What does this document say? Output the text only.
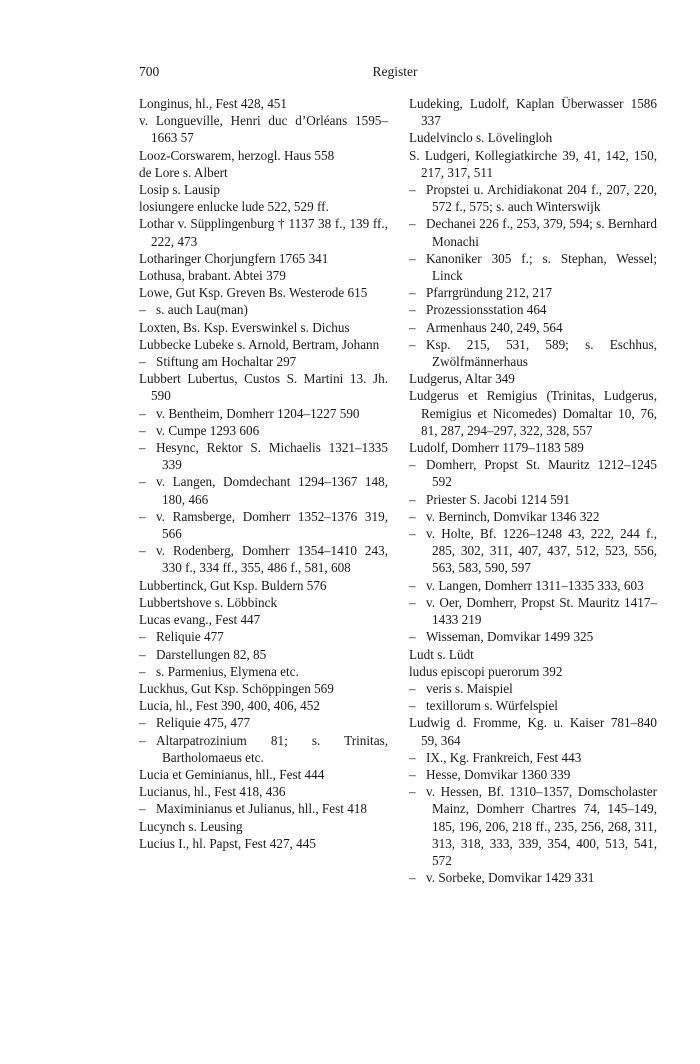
700	Register
Longinus, hl., Fest 428, 451
v. Longueville, Henri duc d’Orléans 1595–1663 57
Looz-Corswarem, herzogl. Haus 558
de Lore s. Albert
Losip s. Lausip
losiungere enlucke lude 522, 529 ff.
Lothar v. Süpplingenburg † 1137 38 f., 139 ff., 222, 473
Lotharinger Chorjungfern 1765 341
Lothusa, brabant. Abtei 379
Lowe, Gut Ksp. Greven Bs. Westerode 615
– s. auch Lau(man)
Loxten, Bs. Ksp. Everswinkel s. Dichus
Lubbecke Lubeke s. Arnold, Bertram, Johann
– Stiftung am Hochaltar 297
Lubbert Lubertus, Custos S. Martini 13. Jh. 590
– v. Bentheim, Domherr 1204–1227 590
– v. Cumpe 1293 606
– Hesync, Rektor S. Michaelis 1321–1335 339
– v. Langen, Domdechant 1294–1367 148, 180, 466
– v. Ramsberge, Domherr 1352–1376 319, 566
– v. Rodenberg, Domherr 1354–1410 243, 330 f., 334 ff., 355, 486 f., 581, 608
Lubbertinck, Gut Ksp. Buldern 576
Lubbertshove s. Löbbinck
Lucas evang., Fest 447
– Reliquie 477
– Darstellungen 82, 85
– s. Parmenius, Elymena etc.
Luckhus, Gut Ksp. Schöppingen 569
Lucia, hl., Fest 390, 400, 406, 452
– Reliquie 475, 477
– Altarpatrozinium 81; s. Trinitas, Bartholomaeus etc.
Lucia et Geminianus, hll., Fest 444
Lucianus, hl., Fest 418, 436
– Maximinianus et Julianus, hll., Fest 418
Lucynch s. Leusing
Lucius I., hl. Papst, Fest 427, 445
Ludeking, Ludolf, Kaplan Überwasser 1586 337
Ludelvinclo s. Lövelingloh
S. Ludgeri, Kollegiatkirche 39, 41, 142, 150, 217, 317, 511
– Propstei u. Archidiakonat 204 f., 207, 220, 572 f., 575; s. auch Winterswijk
– Dechanei 226 f., 253, 379, 594; s. Bernhard Monachi
– Kanoniker 305 f.; s. Stephan, Wessel; Linck
– Pfarrgründung 212, 217
– Prozessionsstation 464
– Armenhaus 240, 249, 564
– Ksp. 215, 531, 589; s. Eschhus, Zwölfmännerhaus
Ludgerus, Altar 349
Ludgerus et Remigius (Trinitas, Ludgerus, Remigius et Nicomedes) Domaltar 10, 76, 81, 287, 294–297, 322, 328, 557
Ludolf, Domherr 1179–1183 589
– Domherr, Propst St. Mauritz 1212–1245 592
– Priester S. Jacobi 1214 591
– v. Berninch, Domvikar 1346 322
– v. Holte, Bf. 1226–1248 43, 222, 244 f., 285, 302, 311, 407, 437, 512, 523, 556, 563, 583, 590, 597
– v. Langen, Domherr 1311–1335 333, 603
– v. Oer, Domherr, Propst St. Mauritz 1417–1433 219
– Wisseman, Domvikar 1499 325
Ludt s. Lüdt
ludus episcopi puerorum 392
– veris s. Maispiel
– texillorum s. Würfelspiel
Ludwig d. Fromme, Kg. u. Kaiser 781–840 59, 364
– IX., Kg. Frankreich, Fest 443
– Hesse, Domvikar 1360 339
– v. Hessen, Bf. 1310–1357, Domscholaster Mainz, Domherr Chartres 74, 145–149, 185, 196, 206, 218 ff., 235, 256, 268, 311, 313, 318, 333, 339, 354, 400, 513, 541, 572
– v. Sorbeke, Domvikar 1429 331
